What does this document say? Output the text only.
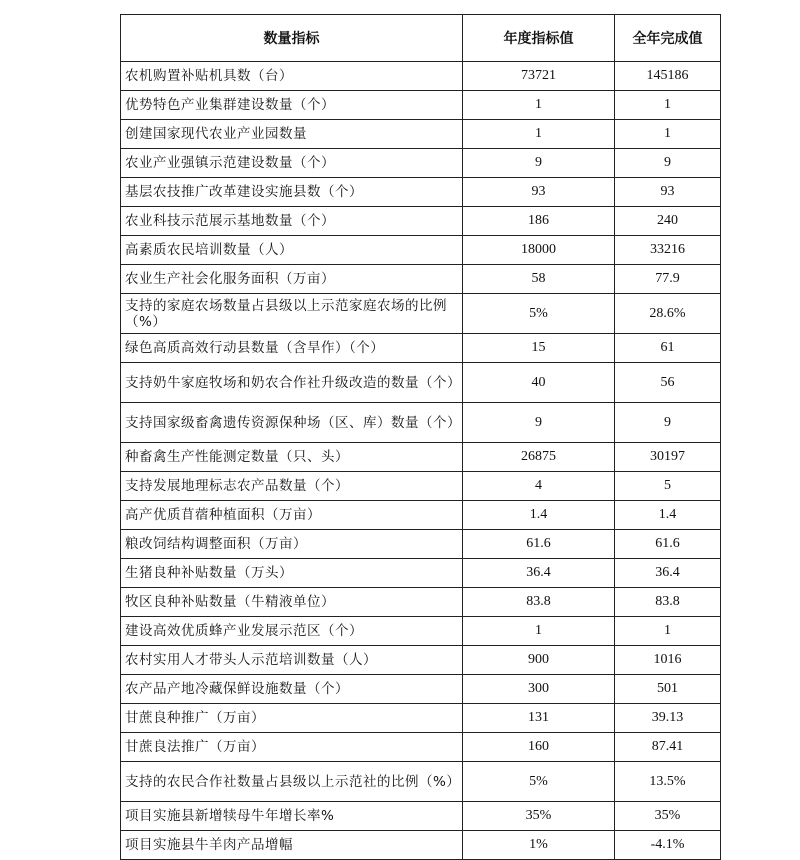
数量指标	年度指标值	全年完成值
农机购置补贴机具数（台）	73721	145186
优势特色产业集群建设数量（个）	1	1
创建国家现代农业产业园数量	1	1
农业产业强镇示范建设数量（个）	9	9
基层农技推广改革建设实施县数（个）	93	93
农业科技示范展示基地数量（个）	186	240
高素质农民培训数量（人）	18000	33216
农业生产社会化服务面积（万亩）	58	77.9
支持的家庭农场数量占县级以上示范家庭农场的比例（%）	5%	28.6%
绿色高质高效行动县数量（含旱作）（个）	15	61
支持奶牛家庭牧场和奶农合作社升级改造的数量（个）	40	56
支持国家级畜禽遗传资源保种场（区、库）数量（个）	9	9
种畜禽生产性能测定数量（只、头）	26875	30197
支持发展地理标志农产品数量（个）	4	5
高产优质苜蓿种植面积（万亩）	1.4	1.4
粮改饲结构调整面积（万亩）	61.6	61.6
生猪良种补贴数量（万头）	36.4	36.4
牧区良种补贴数量（牛精液单位）	83.8	83.8
建设高效优质蜂产业发展示范区（个）	1	1
农村实用人才带头人示范培训数量（人）	900	1016
农产品产地冷藏保鲜设施数量（个）	300	501
甘蔗良种推广（万亩）	131	39.13
甘蔗良法推广（万亩）	160	87.41
支持的农民合作社数量占县级以上示范社的比例（%）	5%	13.5%
项目实施县新增犊母牛年增长率%	35%	35%
项目实施县牛羊肉产品增幅	1%	-4.1%
